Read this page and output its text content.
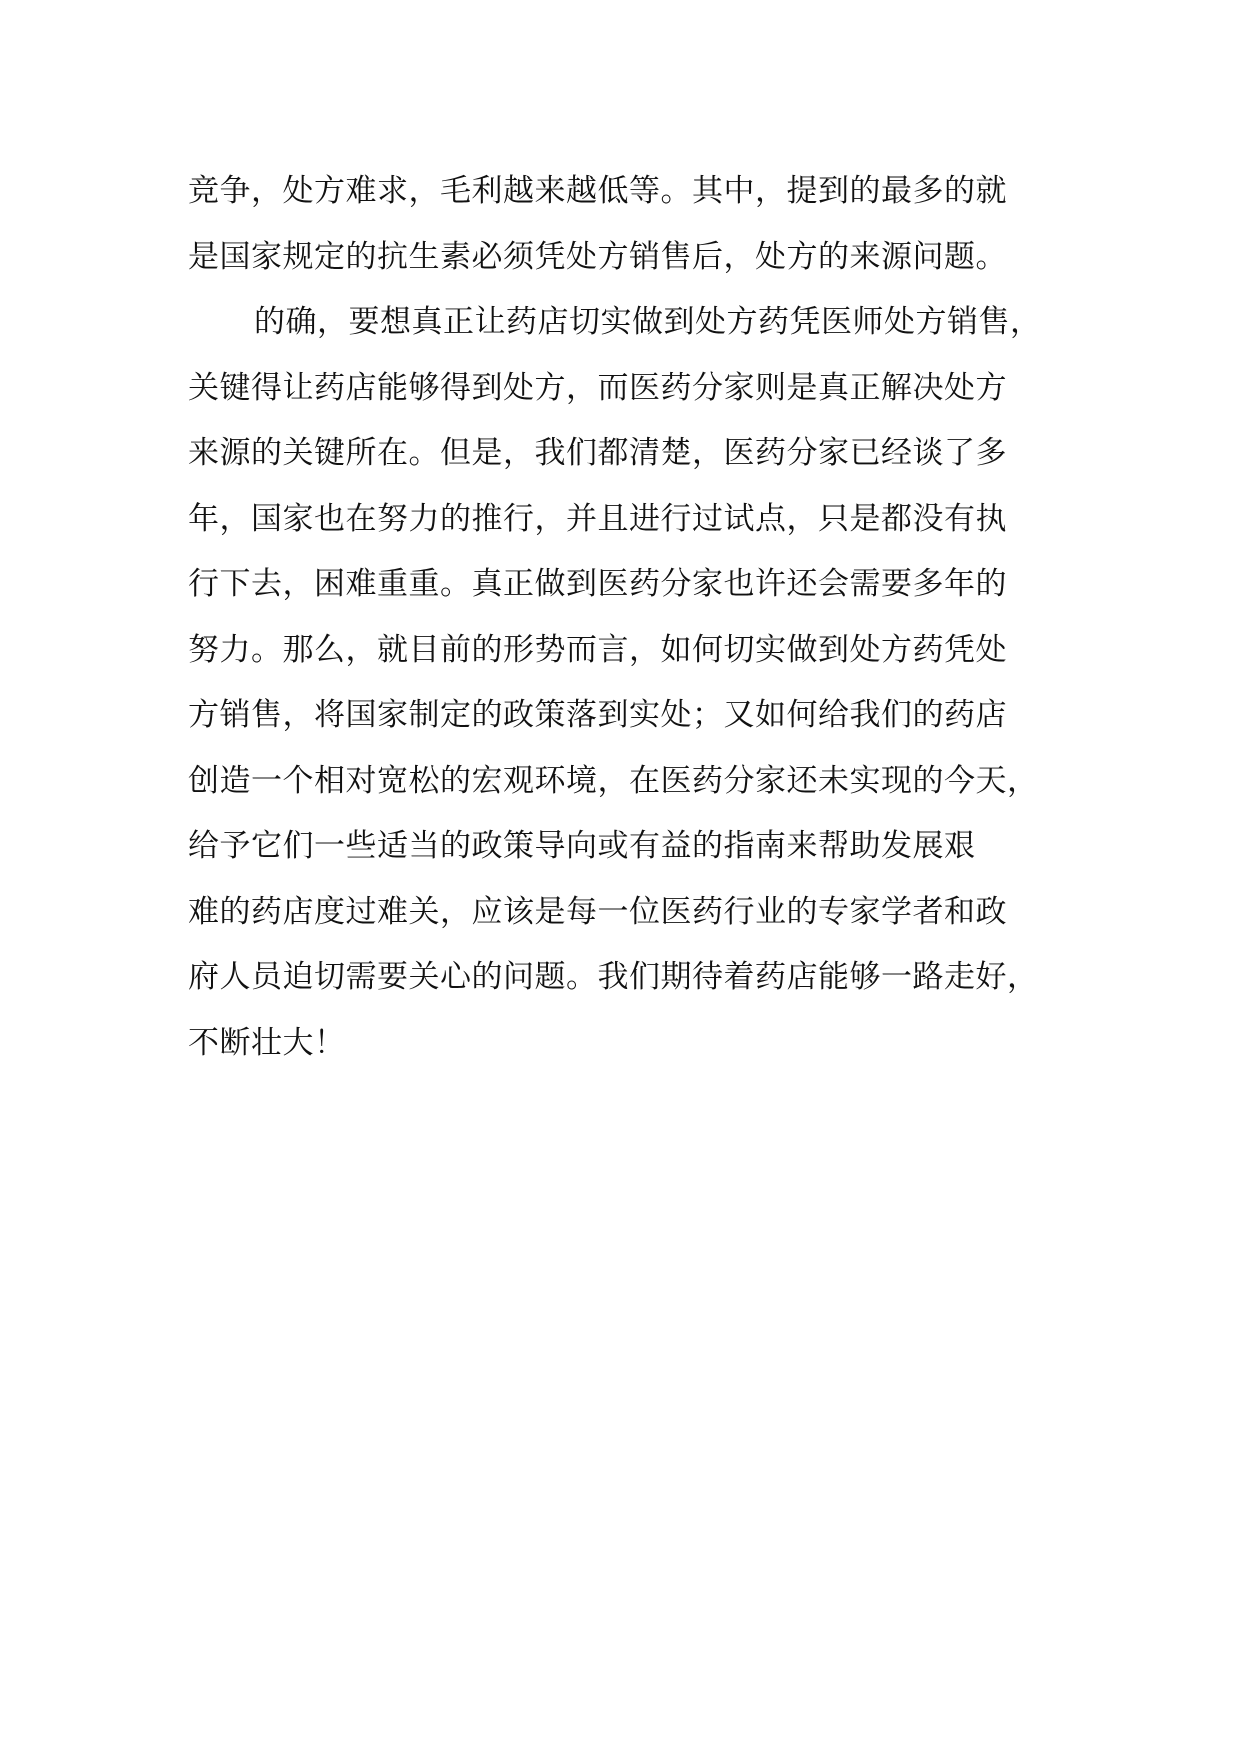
竞争，处方难求，毛利越来越低等。其中，提到的最多的就
是国家规定的抗生素必须凭处方销售后，处方的来源问题。
的确，要想真正让药店切实做到处方药凭医师处方销售，
关键得让药店能够得到处方，而医药分家则是真正解决处方
来源的关键所在。但是，我们都清楚，医药分家已经谈了多
年，国家也在努力的推行，并且进行过试点，只是都没有执
行下去，困难重重。真正做到医药分家也许还会需要多年的
努力。那么，就目前的形势而言，如何切实做到处方药凭处
方销售，将国家制定的政策落到实处；又如何给我们的药店
创造一个相对宽松的宏观环境，在医药分家还未实现的今天，
给予它们一些适当的政策导向或有益的指南来帮助发展艰
难的药店度过难关，应该是每一位医药行业的专家学者和政
府人员迫切需要关心的问题。我们期待着药店能够一路走好，
不断壮大！
